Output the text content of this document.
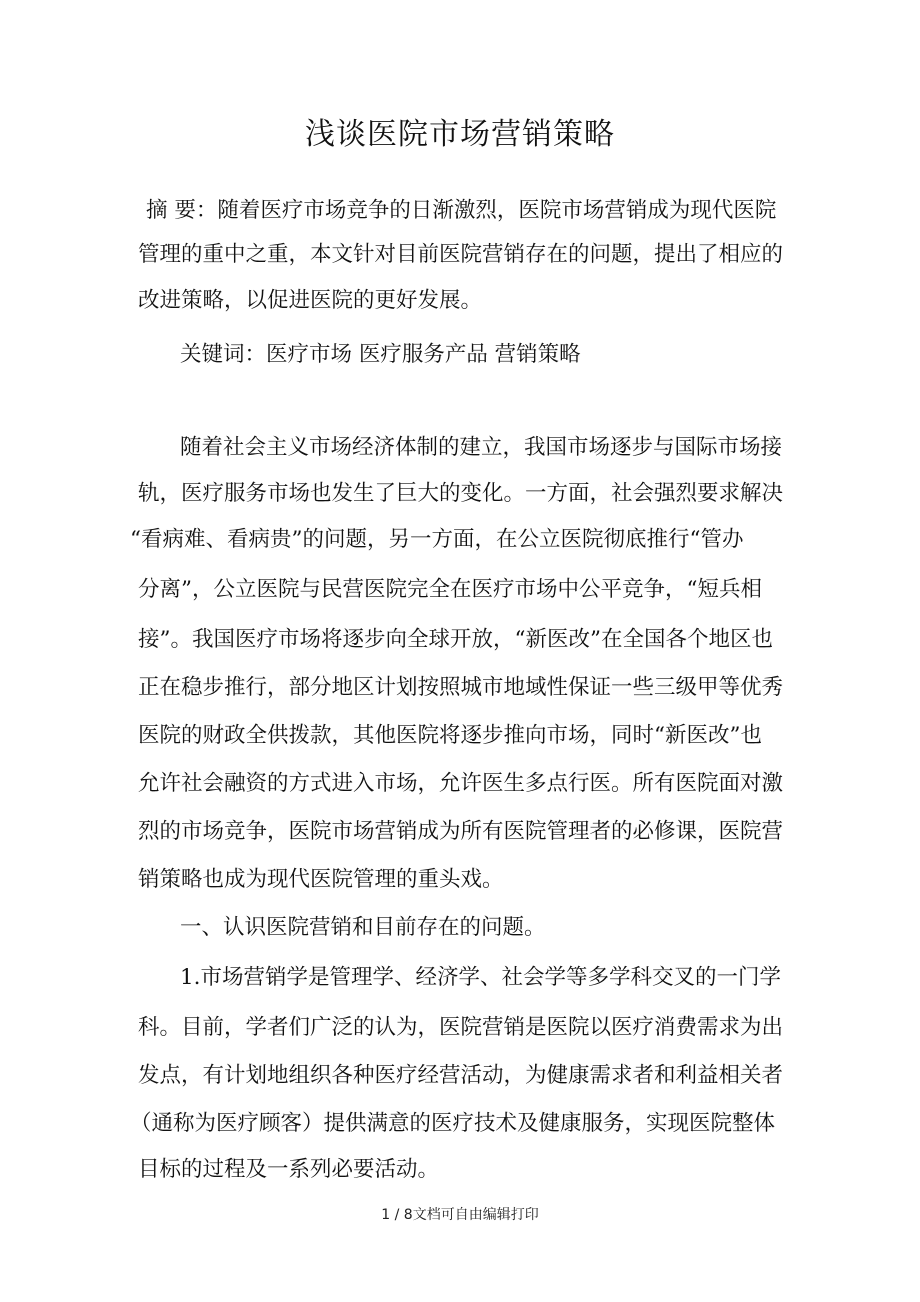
浅谈医院市场营销策略
摘 要：随着医疗市场竞争的日渐激烈，医院市场营销成为现代医院
管理的重中之重，本文针对目前医院营销存在的问题，提出了相应的
改进策略，以促进医院的更好发展。
关键词：医疗市场 医疗服务产品 营销策略
随着社会主义市场经济体制的建立，我国市场逐步与国际市场接
轨，医疗服务市场也发生了巨大的变化。一方面，社会强烈要求解决
“看病难、看病贵”的问题，另一方面，在公立医院彻底推行“管办
分离”，公立医院与民营医院完全在医疗市场中公平竞争，“短兵相
接”。我国医疗市场将逐步向全球开放，“新医改”在全国各个地区也
正在稳步推行，部分地区计划按照城市地域性保证一些三级甲等优秀
医院的财政全供拨款，其他医院将逐步推向市场，同时“新医改”也
允许社会融资的方式进入市场，允许医生多点行医。所有医院面对激
烈的市场竞争，医院市场营销成为所有医院管理者的必修课，医院营
销策略也成为现代医院管理的重头戏。
一、认识医院营销和目前存在的问题。
1.市场营销学是管理学、经济学、社会学等多学科交叉的一门学
科。目前，学者们广泛的认为，医院营销是医院以医疗消费需求为出
发点，有计划地组织各种医疗经营活动，为健康需求者和利益相关者
（通称为医疗顾客）提供满意的医疗技术及健康服务，实现医院整体
目标的过程及一系列必要活动。
1 / 8文档可自由编辑打印
